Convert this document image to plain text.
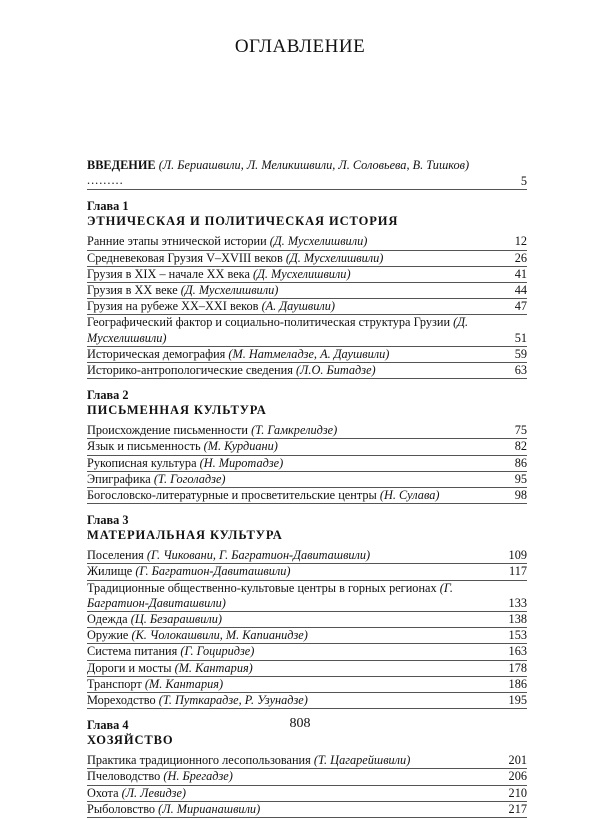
ОГЛАВЛЕНИЕ
ВВЕДЕНИЕ (Л. Бериашвили, Л. Меликишвили, Л. Соловьева, В. Тишков) .........	5
Глава 1
ЭТНИЧЕСКАЯ И ПОЛИТИЧЕСКАЯ ИСТОРИЯ
Ранние этапы этнической истории (Д. Мусхелишвили)	12
Средневековая Грузия V–XVIII веков (Д. Мусхелишвили)	26
Грузия в XIX – начале XX века (Д. Мусхелишвили)	41
Грузия в XX веке (Д. Мусхелишвили)	44
Грузия на рубеже XX–XXI веков (А. Даушвили)	47
Географический фактор и социально-политическая структура Грузии (Д. Мусхелишвили)	51
Историческая демография (М. Натмеладзе, А. Даушвили)	59
Историко-антропологические сведения (Л.О. Битадзе)	63
Глава 2
ПИСЬМЕННАЯ КУЛЬТУРА
Происхождение письменности (Т. Гамкрелидзе)	75
Язык и письменность (М. Курдиани)	82
Рукописная культура (Н. Миротадзе)	86
Эпиграфика (Т. Гоголадзе)	95
Богословско-литературные и просветительские центры (Н. Сулава)	98
Глава 3
МАТЕРИАЛЬНАЯ КУЛЬТУРА
Поселения (Г. Чиковани, Г. Багратион-Давиташвили)	109
Жилище (Г. Багратион-Давиташвили)	117
Традиционные общественно-культовые центры в горных регионах (Г. Багратион-Давиташвили)	133
Одежда (Ц. Безарашвили)	138
Оружие (К. Чолокашвили, М. Капианидзе)	153
Система питания (Г. Гоциридзе)	163
Дороги и мосты (М. Кантария)	178
Транспорт (М. Кантария)	186
Мореходство (Т. Путкарадзе, Р. Узунадзе)	195
Глава 4
ХОЗЯЙСТВО
Практика традиционного лесопользования (Т. Цагарейшвили)	201
Пчеловодство (Н. Брегадзе)	206
Охота (Л. Левидзе)	210
Рыболовство (Л. Мирианашвили)	217
808
